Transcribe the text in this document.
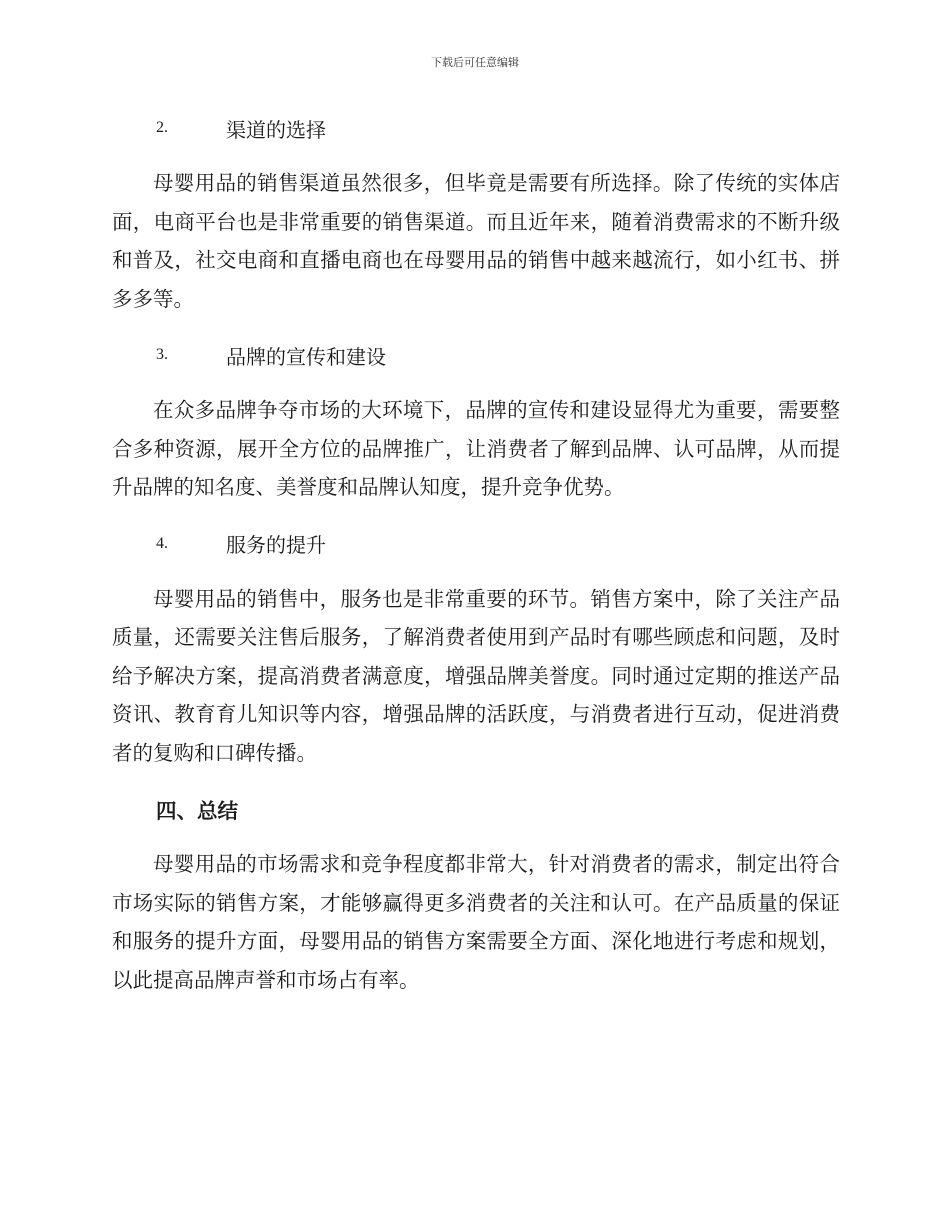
下载后可任意编辑
2.	渠道的选择

母婴用品的销售渠道虽然很多，但毕竟是需要有所选择。除了传统的实体店面，电商平台也是非常重要的销售渠道。而且近年来，随着消费需求的不断升级和普及，社交电商和直播电商也在母婴用品的销售中越来越流行，如小红书、拼多多等。

3.	品牌的宣传和建设

在众多品牌争夺市场的大环境下，品牌的宣传和建设显得尤为重要，需要整合多种资源，展开全方位的品牌推广，让消费者了解到品牌、认可品牌，从而提升品牌的知名度、美誉度和品牌认知度，提升竞争优势。

4.	服务的提升

母婴用品的销售中，服务也是非常重要的环节。销售方案中，除了关注产品质量，还需要关注售后服务，了解消费者使用到产品时有哪些顾虑和问题，及时给予解决方案，提高消费者满意度，增强品牌美誉度。同时通过定期的推送产品资讯、教育育儿知识等内容，增强品牌的活跃度，与消费者进行互动，促进消费者的复购和口碑传播。

四、总结

母婴用品的市场需求和竞争程度都非常大，针对消费者的需求，制定出符合市场实际的销售方案，才能够赢得更多消费者的关注和认可。在产品质量的保证和服务的提升方面，母婴用品的销售方案需要全方面、深化地进行考虑和规划，以此提高品牌声誉和市场占有率。
